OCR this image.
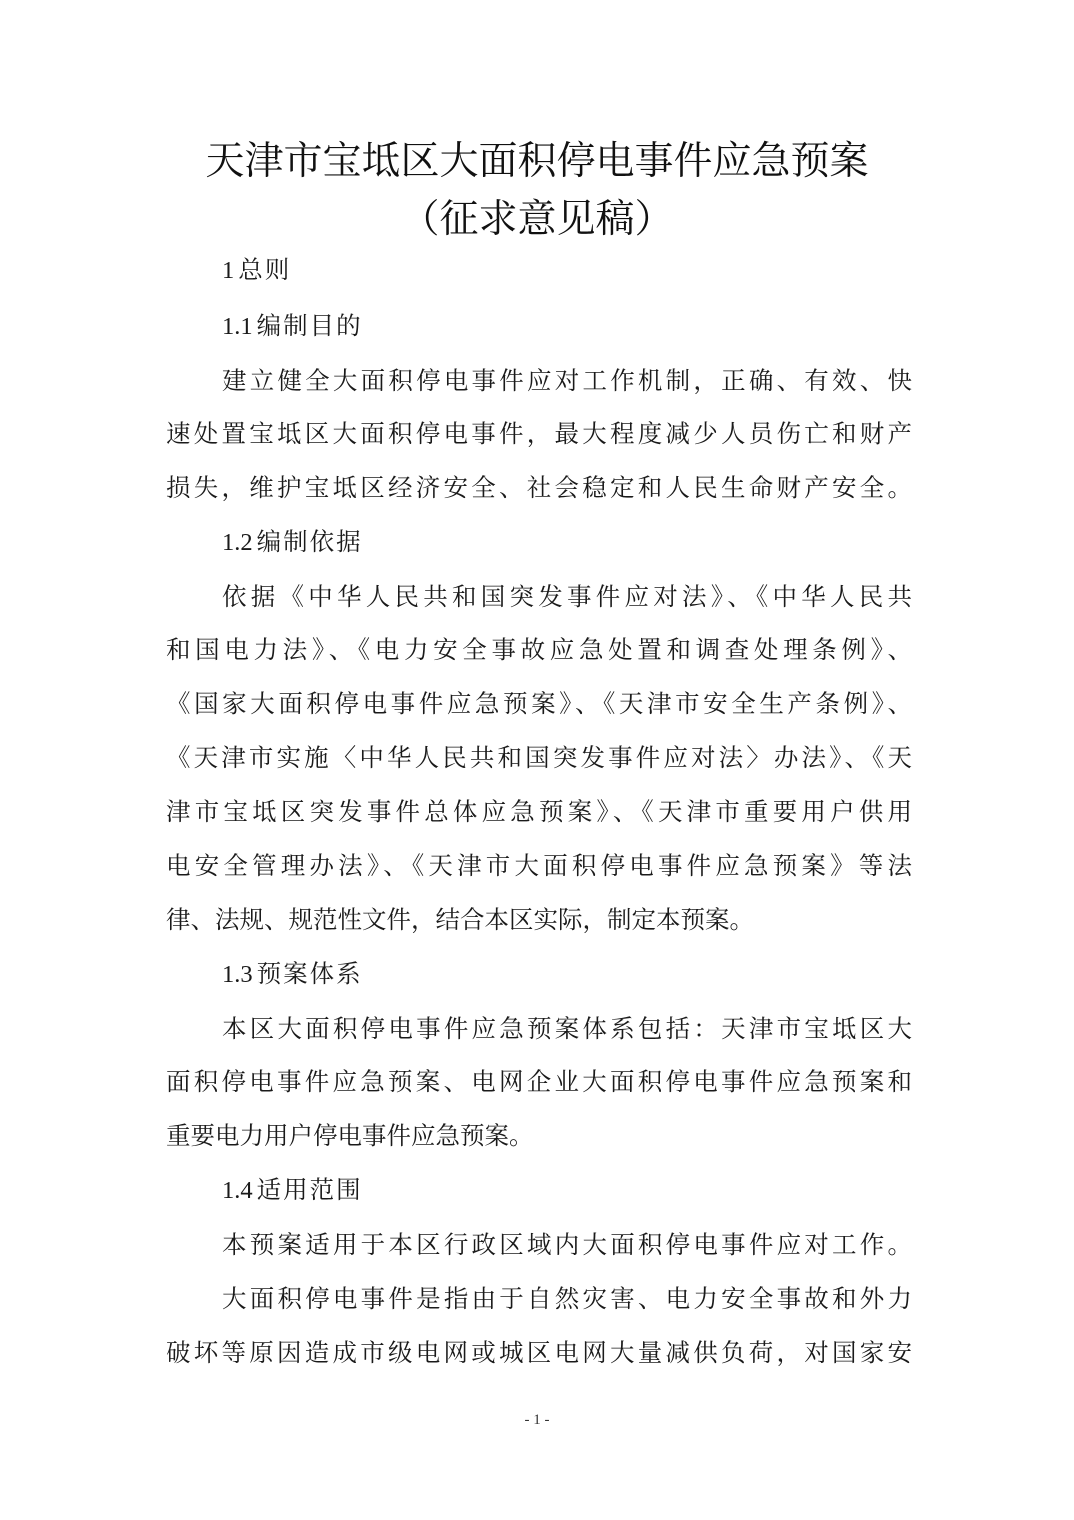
天津市宝坻区大面积停电事件应急预案
（征求意见稿）
1 总则
1.1 编制目的
建立健全大面积停电事件应对工作机制，正确、有效、快
速处置宝坻区大面积停电事件，最大程度减少人员伤亡和财产
损失，维护宝坻区经济安全、社会稳定和人民生命财产安全。
1.2 编制依据
依据《中华人民共和国突发事件应对法》、《中华人民共
和国电力法》、《电力安全事故应急处置和调查处理条例》、
《国家大面积停电事件应急预案》、《天津市安全生产条例》、
《天津市实施〈中华人民共和国突发事件应对法〉办法》、《天
津市宝坻区突发事件总体应急预案》、《天津市重要用户供用
电安全管理办法》、《天津市大面积停电事件应急预案》等法
律、法规、规范性文件，结合本区实际，制定本预案。
1.3 预案体系
本区大面积停电事件应急预案体系包括：天津市宝坻区大
面积停电事件应急预案、电网企业大面积停电事件应急预案和
重要电力用户停电事件应急预案。
1.4 适用范围
本预案适用于本区行政区域内大面积停电事件应对工作。
大面积停电事件是指由于自然灾害、电力安全事故和外力
破坏等原因造成市级电网或城区电网大量减供负荷，对国家安
- 1 -
